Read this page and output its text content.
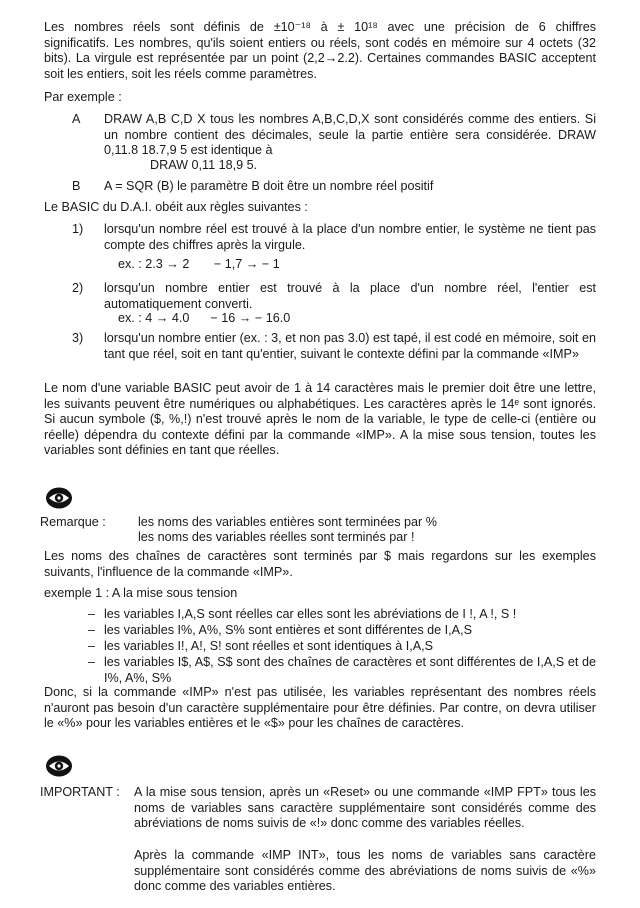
Les nombres réels sont définis de ±10⁻¹⁸ à ± 10¹⁸ avec une précision de 6 chiffres
significatifs. Les nombres, qu'ils soient entiers ou réels, sont codés en mémoire sur 4 octets (32 bits). La virgule est représentée par un point (2,2→2.2). Certaines commandes BASIC acceptent soit les entiers, soit les réels comme paramètres.
Par exemple :
A DRAW A,B C,D X tous les nombres A,B,C,D,X sont considérés comme des entiers. Si un nombre contient des décimales, seule la partie entière sera considérée. DRAW 0,11.8 18.7,9 5 est identique à
DRAW 0,11 18,9 5.
B A = SQR (B) le paramètre B doit être un nombre réel positif
Le BASIC du D.A.I. obéit aux règles suivantes :
1) lorsqu'un nombre réel est trouvé à la place d'un nombre entier, le système ne tient pas compte des chiffres après la virgule.
ex. : 2.3 → 2       − 1,7 → − 1
2) lorsqu'un nombre entier est trouvé à la place d'un nombre réel, l'entier est automatiquement converti.
ex. : 4 → 4.0      − 16 → − 16.0
3) lorsqu'un nombre entier (ex. : 3, et non pas 3.0) est tapé, il est codé en mémoire, soit en tant que réel, soit en tant qu'entier, suivant le contexte défini par la commande «IMP»
Le nom d'une variable BASIC peut avoir de 1 à 14 caractères mais le premier doit être une lettre, les suivants peuvent être numériques ou alphabétiques. Les caractères après le 14ᵉ sont ignorés. Si aucun symbole ($, %,!) n'est trouvé après le nom de la variable, le type de celle-ci (entière ou réelle) dépendra du contexte défini par la commande «IMP». A la mise sous tension, toutes les variables sont définies en tant que réelles.
Remarque :	les noms des variables entières sont terminées par %
les noms des variables réelles sont terminés par !
Les noms des chaînes de caractères sont terminés par $ mais regardons sur les exemples suivants, l'influence de la commande «IMP».
exemple 1 : A la mise sous tension
– les variables I,A,S sont réelles car elles sont les abréviations de I !, A !, S !
– les variables I%, A%, S% sont entières et sont différentes de I,A,S
– les variables I!, A!, S! sont réelles et sont identiques à I,A,S
– les variables I$, A$, S$ sont des chaînes de caractères et sont différentes de I,A,S et de I%, A%, S%
Donc, si la commande «IMP» n'est pas utilisée, les variables représentant des nombres réels n'auront pas besoin d'un caractère supplémentaire pour être définies. Par contre, on devra utiliser le «%» pour les variables entières et le «$» pour les chaînes de caractères.
IMPORTANT : A la mise sous tension, après un «Reset» ou une commande «IMP FPT» tous les noms de variables sans caractère supplémentaire sont considérés comme des abréviations de noms suivis de «!» donc comme des variables réelles.
Après la commande «IMP INT», tous les noms de variables sans caractère supplémentaire sont considérés comme des abréviations de noms suivis de «%» donc comme des variables entières.
